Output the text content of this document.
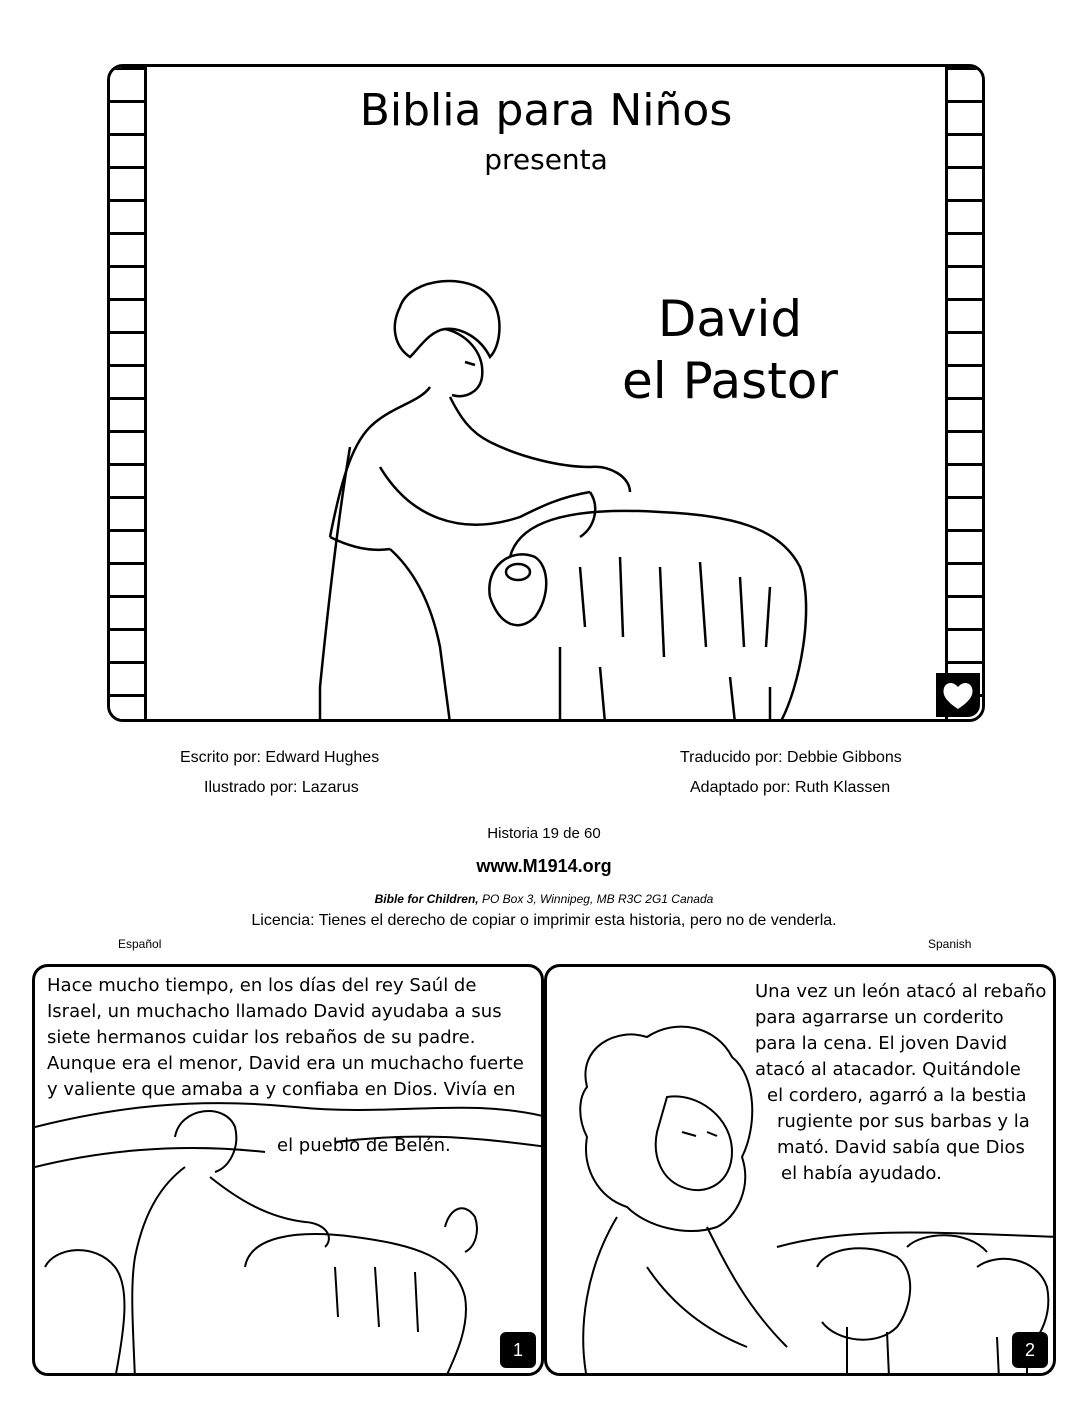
Biblia para Niños
presenta
David
el Pastor
Escrito por: Edward Hughes
Ilustrado por: Lazarus
Traducido por: Debbie Gibbons
Adaptado por: Ruth Klassen
Historia 19 de 60
www.M1914.org
Bible for Children, PO Box 3, Winnipeg, MB R3C 2G1 Canada
Licencia: Tienes el derecho de copiar o imprimir esta historia, pero no de venderla.
Español	Spanish
Hace mucho tiempo, en los días del rey Saúl de
Israel, un muchacho llamado David ayudaba a sus
siete hermanos cuidar los rebaños de su padre.
Aunque era el menor, David era un muchacho fuerte
y valiente que amaba a y confiaba en Dios. Vivía en
el pueblo de Belén.
1
Una vez un león atacó al rebaño
para agarrarse un corderito
para la cena. El joven David
atacó al atacador. Quitándole
el cordero, agarró a la bestia
rugiente por sus barbas y la
mató. David sabía que Dios
el había ayudado.
2
